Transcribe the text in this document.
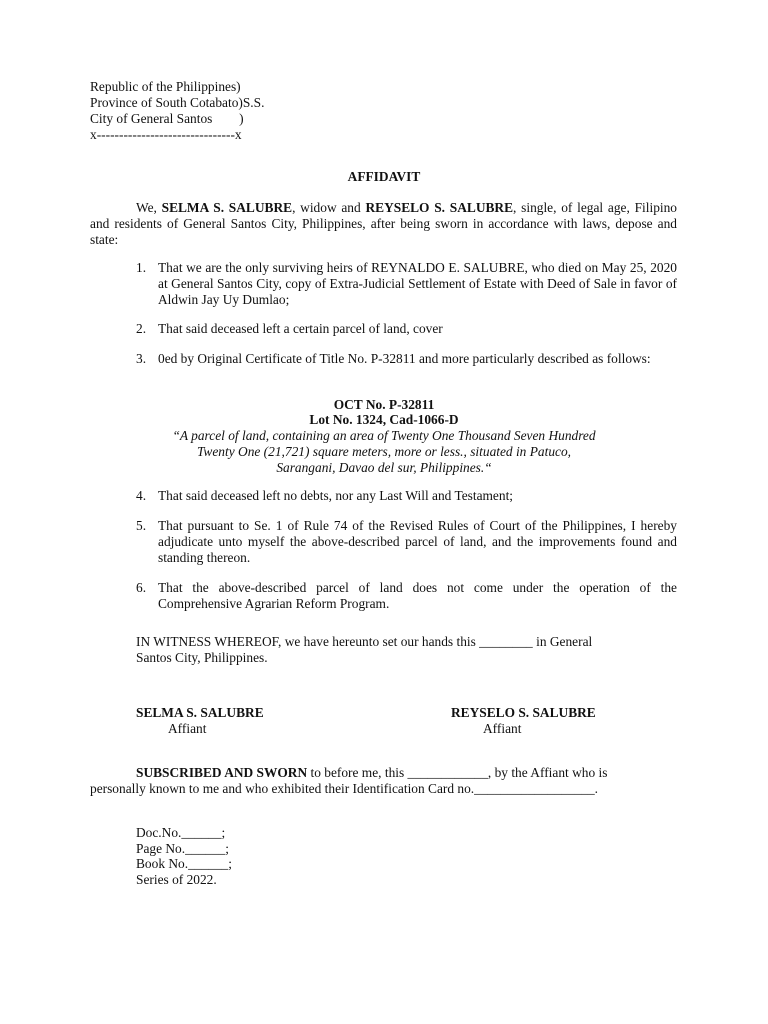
Republic of the Philippines)
Province of South Cotabato)S.S.
City of General Santos        )
x-------------------------------x
AFFIDAVIT
We, SELMA S. SALUBRE, widow and REYSELO S. SALUBRE, single, of legal age, Filipino and residents of General Santos City, Philippines, after being sworn in accordance with laws, depose and state:
1. That we are the only surviving heirs of REYNALDO E. SALUBRE, who died on May 25, 2020 at General Santos City, copy of Extra-Judicial Settlement of Estate with Deed of Sale in favor of Aldwin Jay Uy Dumlao;
2. That said deceased left a certain parcel of land, cover
3. 0ed by Original Certificate of Title No. P-32811 and more particularly described as follows:
OCT No. P-32811
Lot No. 1324, Cad-1066-D
“A parcel of land, containing an area of Twenty One Thousand Seven Hundred
Twenty One (21,721) square meters, more or less., situated in Patuco,
Sarangani, Davao del sur, Philippines.“
4. That said deceased left no debts, nor any Last Will and Testament;
5. That pursuant to Se. 1 of Rule 74 of the Revised Rules of Court of the Philippines, I hereby adjudicate unto myself the above-described parcel of land, and the improvements found and standing thereon.
6. That the above-described parcel of land does not come under the operation of the Comprehensive Agrarian Reform Program.
IN WITNESS WHEREOF, we have hereunto set our hands this ________ in General
Santos City, Philippines.
SELMA S. SALUBRE
Affiant
REYSELO S. SALUBRE
Affiant
SUBSCRIBED AND SWORN to before me, this ____________, by the Affiant who is
personally known to me and who exhibited their Identification Card no.__________________.
Doc.No.______;
Page No.______;
Book No.______;
Series of 2022.
